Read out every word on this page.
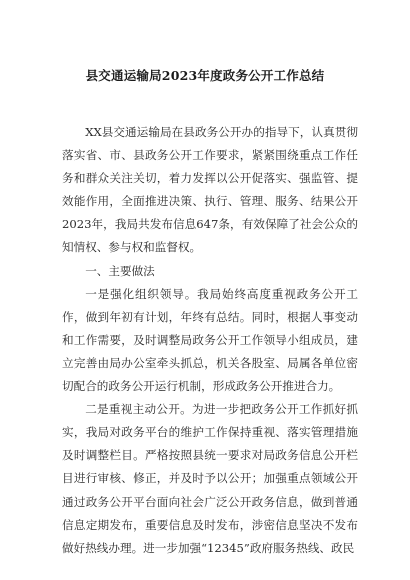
县交通运输局2023年度政务公开工作总结

XX县交通运输局在县政务公开办的指导下，认真贯彻落实省、市、县政务公开工作要求，紧紧围绕重点工作任务和群众关注关切，着力发挥以公开促落实、强监管、提效能作用，全面推进决策、执行、管理、服务、结果公开2023年，我局共发布信息647条，有效保障了社会公众的知情权、参与权和监督权。

一、主要做法

一是强化组织领导。我局始终高度重视政务公开工作，做到年初有计划，年终有总结。同时，根据人事变动和工作需要，及时调整局政务公开工作领导小组成员，建立完善由局办公室牵头抓总，机关各股室、局属各单位密切配合的政务公开运行机制，形成政务公开推进合力。

二是重视主动公开。为进一步把政务公开工作抓好抓实，我局对政务平台的维护工作保持重视、落实管理措施及时调整栏目。严格按照县统一要求对局政务信息公开栏目进行审核、修正，并及时予以公开；加强重点领域公开通过政务公开平台面向社会广泛公开政务信息，做到普通信息定期发布，重要信息及时发布，涉密信息坚决不发布做好热线办理。进一步加强“12345”政府服务热线、政民
